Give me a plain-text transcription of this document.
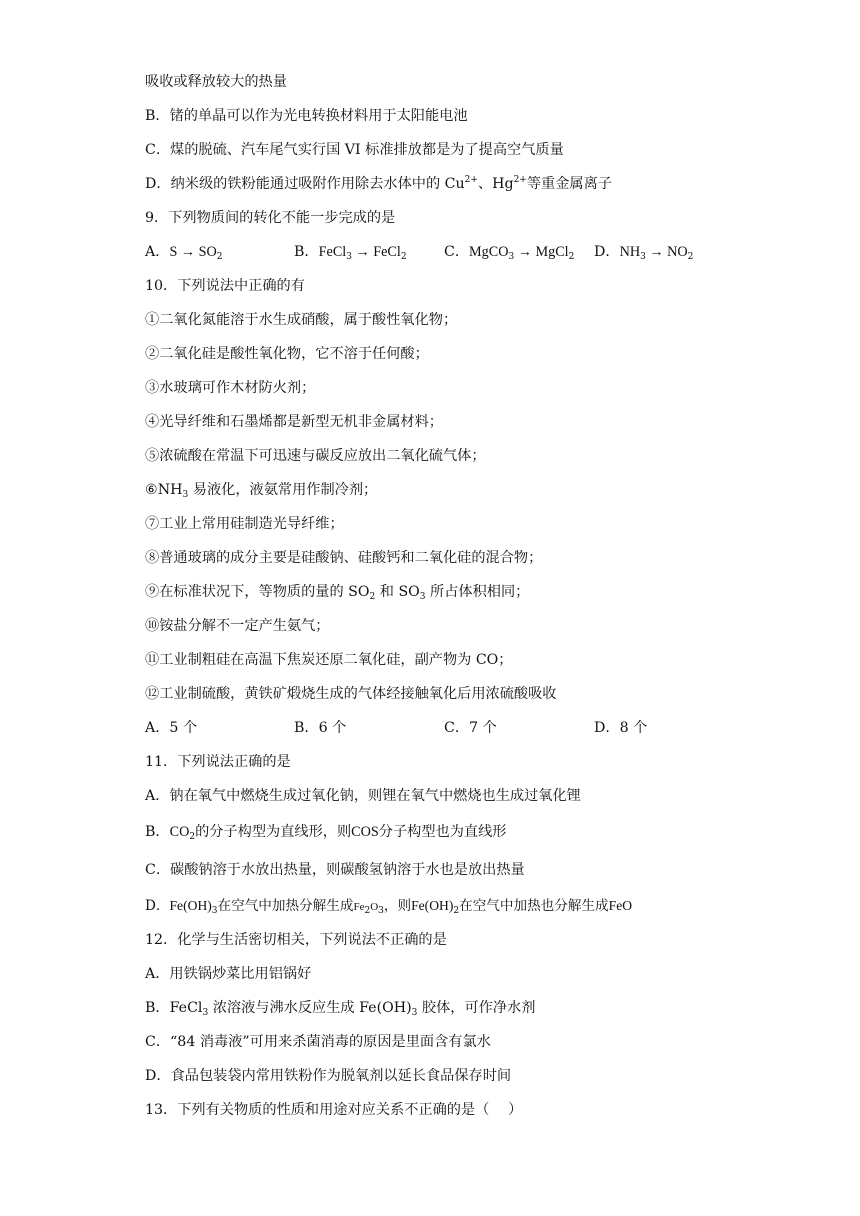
吸收或释放较大的热量
B．锗的单晶可以作为光电转换材料用于太阳能电池
C．煤的脱硫、汽车尾气实行国 VI 标准排放都是为了提高空气质量
D．纳米级的铁粉能通过吸附作用除去水体中的 $Cu^{2+}$、$Hg^{2+}$等重金属离子
9．下列物质间的转化不能一步完成的是
A．$S \to SO_2$	B．FeCl$_3$ → FeCl$_2$	C．MgCO$_3$ → MgCl$_2$ D．$NH_3 \to NO_2$
10．下列说法中正确的有
①二氧化氮能溶于水生成硝酸，属于酸性氧化物；
②二氧化硅是酸性氧化物，它不溶于任何酸；
③水玻璃可作木材防火剂；
④光导纤维和石墨烯都是新型无机非金属材料；
⑤浓硫酸在常温下可迅速与碳反应放出二氧化硫气体；
$⑥NH_3$ 易液化，液氨常用作制冷剂；
⑦工业上常用硅制造光导纤维；
⑧普通玻璃的成分主要是硅酸钠、硅酸钙和二氧化硅的混合物；
⑨在标准状况下，等物质的量的 $SO_2$ 和 $SO_3$ 所占体积相同；
⑩铵盐分解不一定产生氨气；
⑪工业制粗硅在高温下焦炭还原二氧化硅，副产物为 CO；
⑫工业制硫酸，黄铁矿煅烧生成的气体经接触氧化后用浓硫酸吸收
A．5 个	B．6 个	C．7 个	D．8 个
11．下列说法正确的是
A．钠在氧气中燃烧生成过氧化钠，则锂在氧气中燃烧也生成过氧化锂
B．$CO_2$的分子构型为直线形，则COS分子构型也为直线形
C．碳酸钠溶于水放出热量，则碳酸氢钠溶于水也是放出热量
D．$Fe(OH)_3$在空气中加热分解生成$Fe_2O_3$，则$Fe(OH)_2$在空气中加热也分解生成FeO
12．化学与生活密切相关，下列说法不正确的是
A．用铁锅炒菜比用铝锅好
B．FeCl$_3$ 浓溶液与沸水反应生成 $Fe(OH)_3$ 胶体，可作净水剂
C．“84 消毒液”可用来杀菌消毒的原因是里面含有氯水
D．食品包装袋内常用铁粉作为脱氧剂以延长食品保存时间
13．下列有关物质的性质和用途对应关系不正确的是（　 ）
